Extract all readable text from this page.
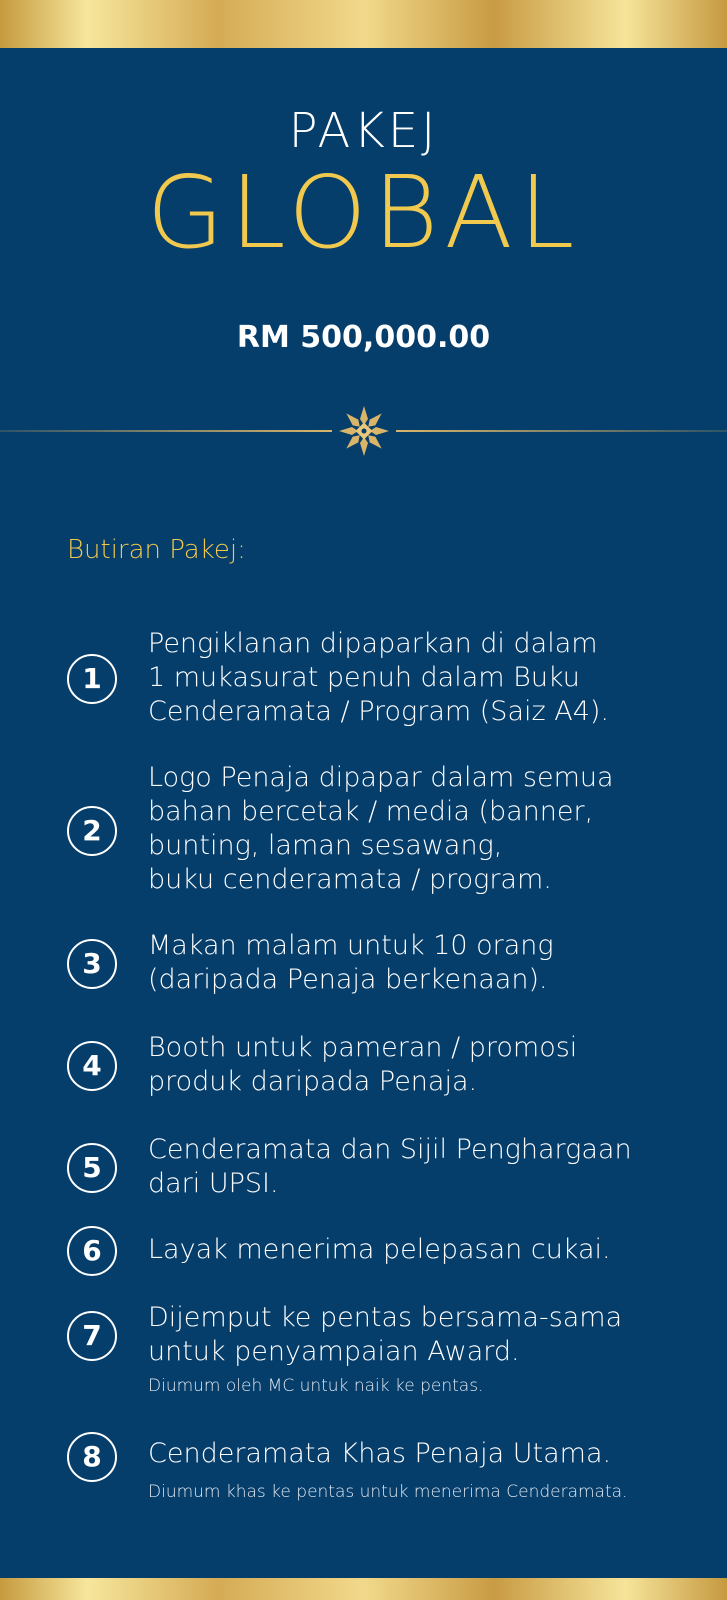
PAKEJ
GLOBAL
RM 500,000.00
Butiran Pakej:
1
Pengiklanan dipaparkan di dalam
1 mukasurat penuh dalam Buku
Cenderamata / Program (Saiz A4).
2
Logo Penaja dipapar dalam semua
bahan bercetak / media (banner,
bunting, laman sesawang,
buku cenderamata / program.
3
Makan malam untuk 10 orang
(daripada Penaja berkenaan).
4
Booth untuk pameran / promosi
produk daripada Penaja.
5
Cenderamata dan Sijil Penghargaan
dari UPSI.
6	Layak menerima pelepasan cukai.
7
Dijemput ke pentas bersama-sama
untuk penyampaian Award.
Diumum oleh MC untuk naik ke pentas.
8	Cenderamata Khas Penaja Utama.
Diumum khas ke pentas untuk menerima Cenderamata.
